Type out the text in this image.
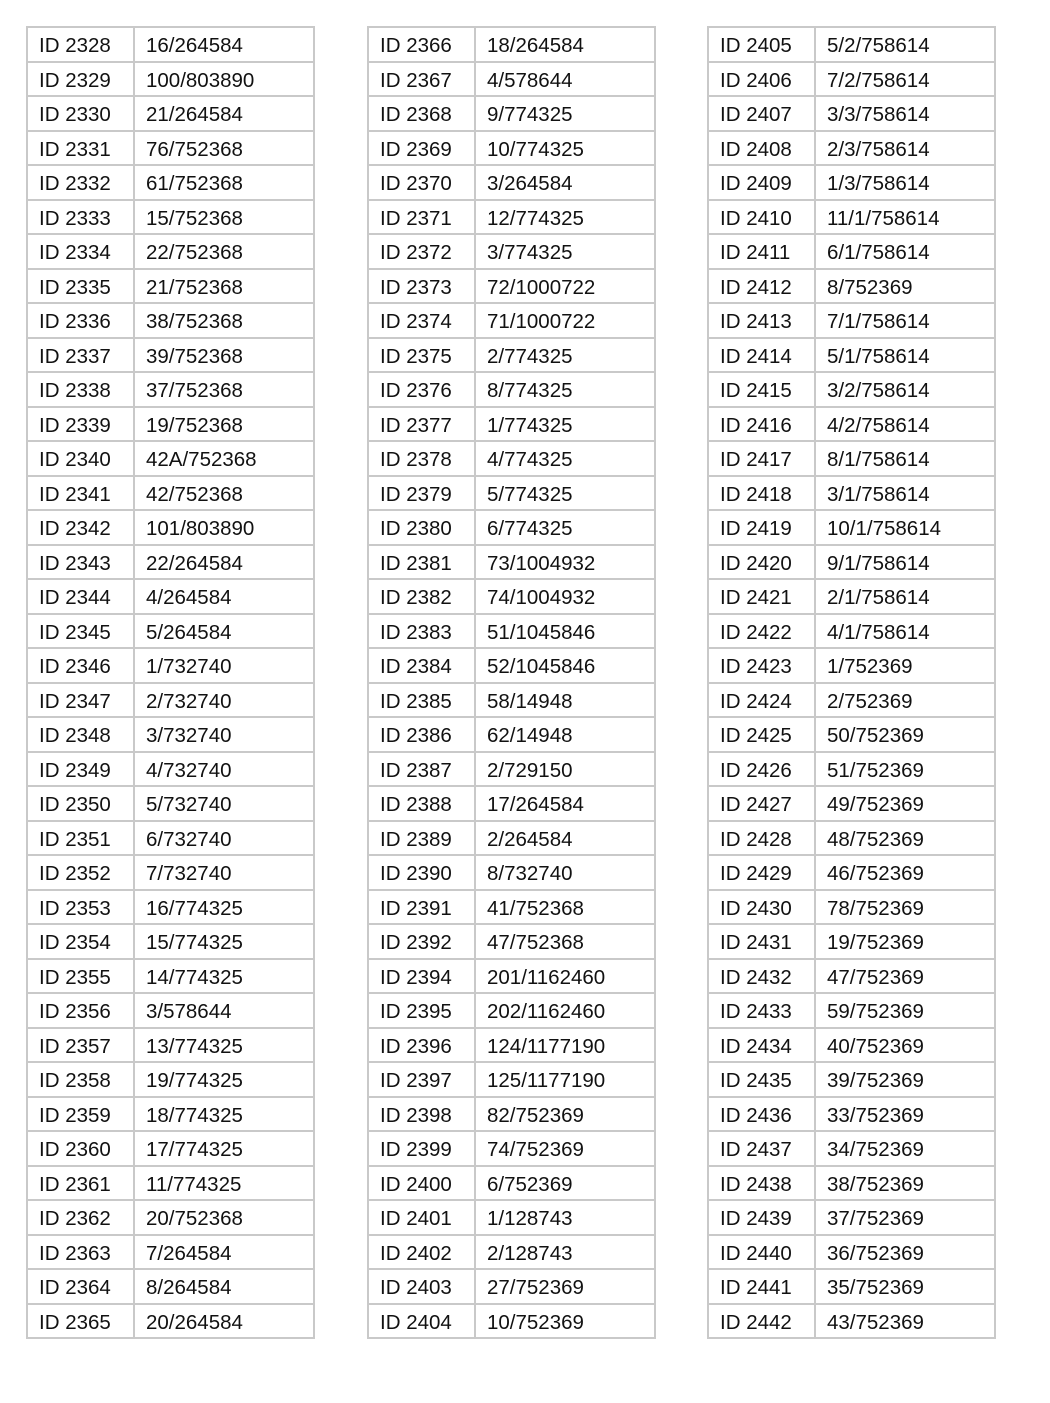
ID 2328	16/264584
ID 2329	100/803890
ID 2330	21/264584
ID 2331	76/752368
ID 2332	61/752368
ID 2333	15/752368
ID 2334	22/752368
ID 2335	21/752368
ID 2336	38/752368
ID 2337	39/752368
ID 2338	37/752368
ID 2339	19/752368
ID 2340	42A/752368
ID 2341	42/752368
ID 2342	101/803890
ID 2343	22/264584
ID 2344	4/264584
ID 2345	5/264584
ID 2346	1/732740
ID 2347	2/732740
ID 2348	3/732740
ID 2349	4/732740
ID 2350	5/732740
ID 2351	6/732740
ID 2352	7/732740
ID 2353	16/774325
ID 2354	15/774325
ID 2355	14/774325
ID 2356	3/578644
ID 2357	13/774325
ID 2358	19/774325
ID 2359	18/774325
ID 2360	17/774325
ID 2361	11/774325
ID 2362	20/752368
ID 2363	7/264584
ID 2364	8/264584
ID 2365	20/264584
ID 2366	18/264584
ID 2367	4/578644
ID 2368	9/774325
ID 2369	10/774325
ID 2370	3/264584
ID 2371	12/774325
ID 2372	3/774325
ID 2373	72/1000722
ID 2374	71/1000722
ID 2375	2/774325
ID 2376	8/774325
ID 2377	1/774325
ID 2378	4/774325
ID 2379	5/774325
ID 2380	6/774325
ID 2381	73/1004932
ID 2382	74/1004932
ID 2383	51/1045846
ID 2384	52/1045846
ID 2385	58/14948
ID 2386	62/14948
ID 2387	2/729150
ID 2388	17/264584
ID 2389	2/264584
ID 2390	8/732740
ID 2391	41/752368
ID 2392	47/752368
ID 2394	201/1162460
ID 2395	202/1162460
ID 2396	124/1177190
ID 2397	125/1177190
ID 2398	82/752369
ID 2399	74/752369
ID 2400	6/752369
ID 2401	1/128743
ID 2402	2/128743
ID 2403	27/752369
ID 2404	10/752369
ID 2405	5/2/758614
ID 2406	7/2/758614
ID 2407	3/3/758614
ID 2408	2/3/758614
ID 2409	1/3/758614
ID 2410	11/1/758614
ID 2411	6/1/758614
ID 2412	8/752369
ID 2413	7/1/758614
ID 2414	5/1/758614
ID 2415	3/2/758614
ID 2416	4/2/758614
ID 2417	8/1/758614
ID 2418	3/1/758614
ID 2419	10/1/758614
ID 2420	9/1/758614
ID 2421	2/1/758614
ID 2422	4/1/758614
ID 2423	1/752369
ID 2424	2/752369
ID 2425	50/752369
ID 2426	51/752369
ID 2427	49/752369
ID 2428	48/752369
ID 2429	46/752369
ID 2430	78/752369
ID 2431	19/752369
ID 2432	47/752369
ID 2433	59/752369
ID 2434	40/752369
ID 2435	39/752369
ID 2436	33/752369
ID 2437	34/752369
ID 2438	38/752369
ID 2439	37/752369
ID 2440	36/752369
ID 2441	35/752369
ID 2442	43/752369
